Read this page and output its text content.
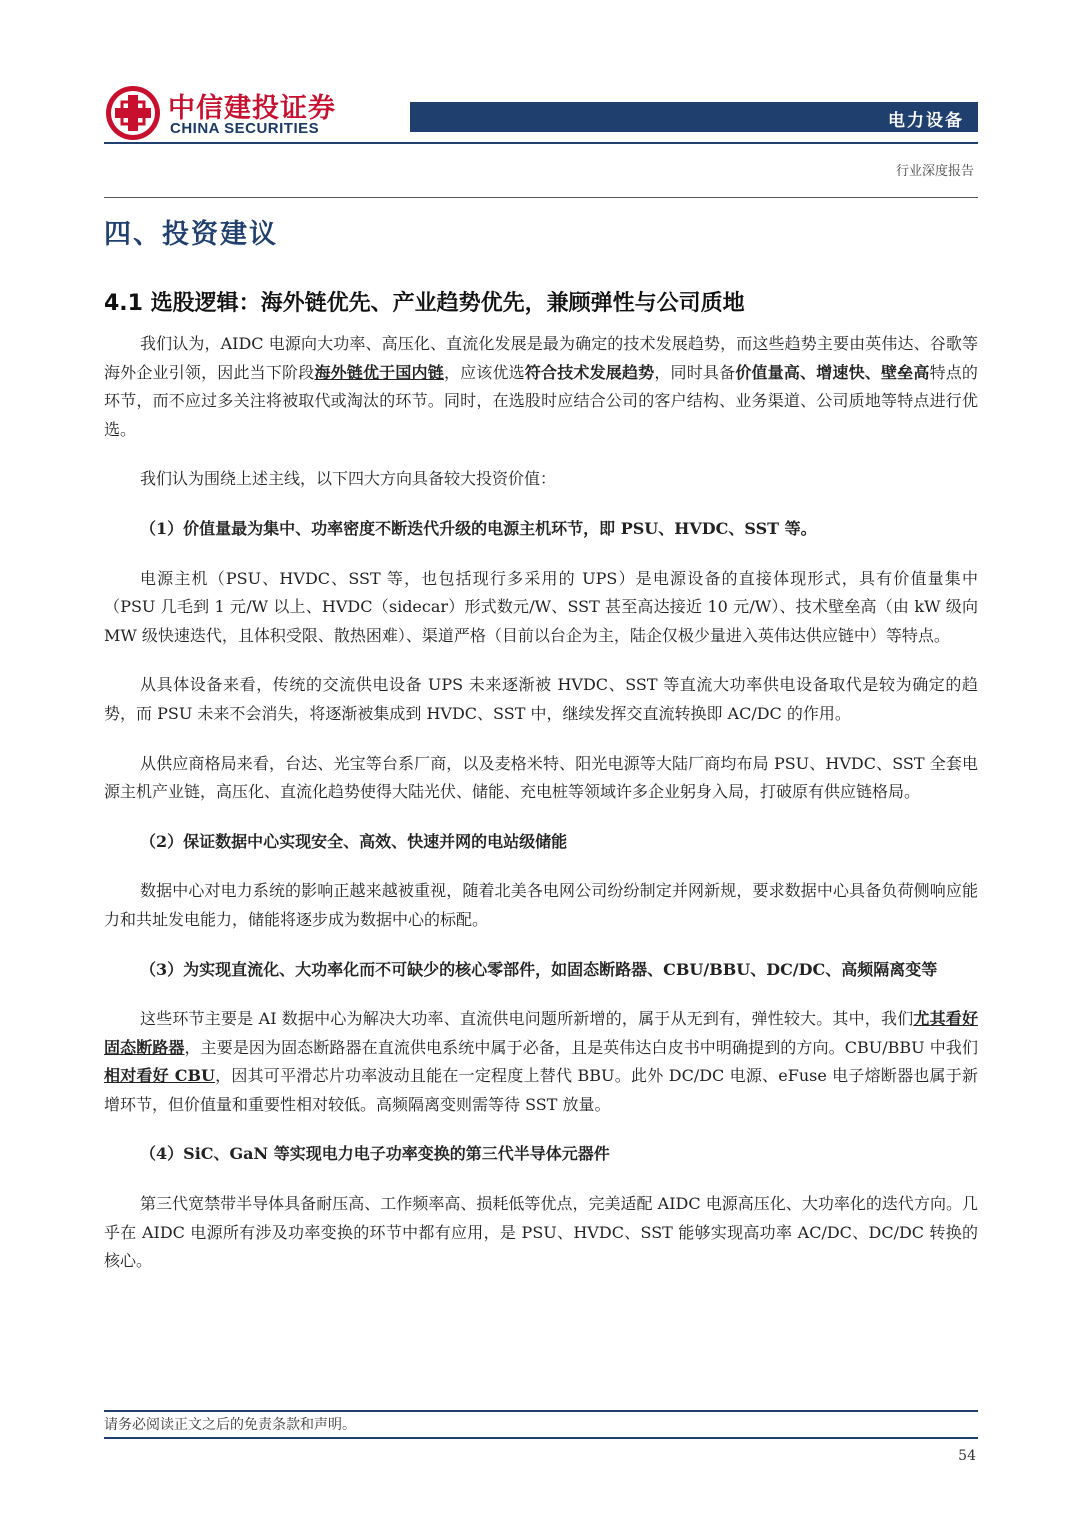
中信建投证券
CHINA SECURITIES	电力设备
行业深度报告
四、投资建议
4.1 选股逻辑：海外链优先、产业趋势优先，兼顾弹性与公司质地

我们认为，AIDC 电源向大功率、高压化、直流化发展是最为确定的技术发展趋势，而这些趋势主要由英伟达、谷歌等海外企业引领，因此当下阶段海外链优于国内链，应该优选符合技术发展趋势，同时具备价值量高、增速快、壁垒高特点的环节，而不应过多关注将被取代或淘汰的环节。同时，在选股时应结合公司的客户结构、业务渠道、公司质地等特点进行优选。

我们认为围绕上述主线，以下四大方向具备较大投资价值：

（1）价值量最为集中、功率密度不断迭代升级的电源主机环节，即 PSU、HVDC、SST 等。

电源主机（PSU、HVDC、SST 等，也包括现行多采用的 UPS）是电源设备的直接体现形式，具有价值量集中（PSU 几毛到 1 元/W 以上、HVDC（sidecar）形式数元/W、SST 甚至高达接近 10 元/W）、技术壁垒高（由 kW 级向 MW 级快速迭代，且体积受限、散热困难）、渠道严格（目前以台企为主，陆企仅极少量进入英伟达供应链中）等特点。

从具体设备来看，传统的交流供电设备 UPS 未来逐渐被 HVDC、SST 等直流大功率供电设备取代是较为确定的趋势，而 PSU 未来不会消失，将逐渐被集成到 HVDC、SST 中，继续发挥交直流转换即 AC/DC 的作用。

从供应商格局来看，台达、光宝等台系厂商，以及麦格米特、阳光电源等大陆厂商均布局 PSU、HVDC、SST 全套电源主机产业链，高压化、直流化趋势使得大陆光伏、储能、充电桩等领域许多企业躬身入局，打破原有供应链格局。

（2）保证数据中心实现安全、高效、快速并网的电站级储能

数据中心对电力系统的影响正越来越被重视，随着北美各电网公司纷纷制定并网新规，要求数据中心具备负荷侧响应能力和共址发电能力，储能将逐步成为数据中心的标配。

（3）为实现直流化、大功率化而不可缺少的核心零部件，如固态断路器、CBU/BBU、DC/DC、高频隔离变等

这些环节主要是 AI 数据中心为解决大功率、直流供电问题所新增的，属于从无到有，弹性较大。其中，我们尤其看好固态断路器，主要是因为固态断路器在直流供电系统中属于必备，且是英伟达白皮书中明确提到的方向。CBU/BBU 中我们相对看好 CBU，因其可平滑芯片功率波动且能在一定程度上替代 BBU。此外 DC/DC 电源、eFuse 电子熔断器也属于新增环节，但价值量和重要性相对较低。高频隔离变则需等待 SST 放量。

（4）SiC、GaN 等实现电力电子功率变换的第三代半导体元器件

第三代宽禁带半导体具备耐压高、工作频率高、损耗低等优点，完美适配 AIDC 电源高压化、大功率化的迭代方向。几乎在 AIDC 电源所有涉及功率变换的环节中都有应用，是 PSU、HVDC、SST 能够实现高功率 AC/DC、DC/DC 转换的核心。

请务必阅读正文之后的免责条款和声明。
54
